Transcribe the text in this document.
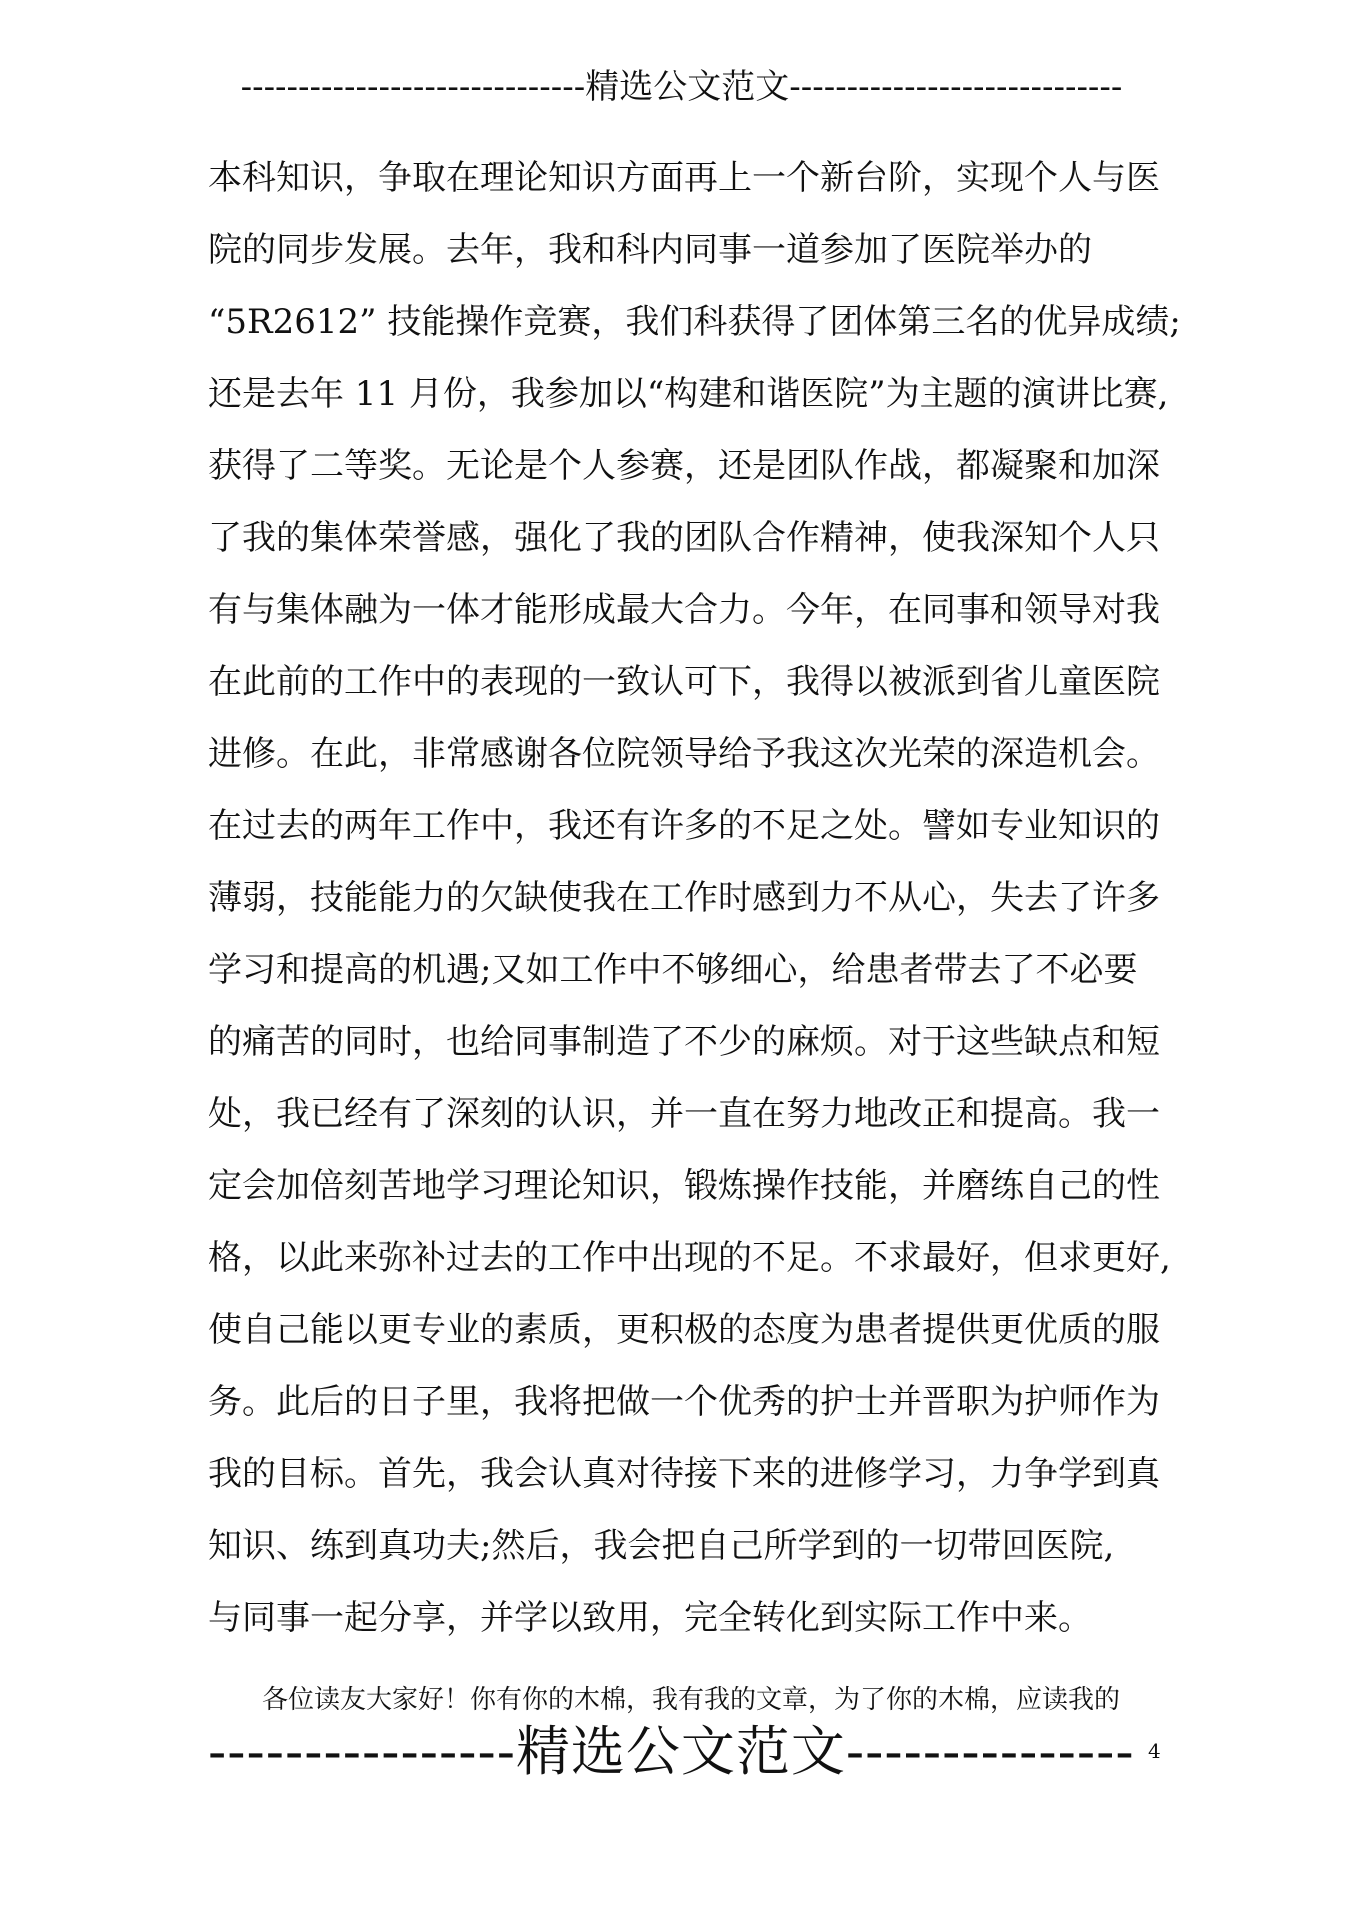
------------------------------精选公文范文-----------------------------
本科知识，争取在理论知识方面再上一个新台阶，实现个人与医
院的同步发展。去年，我和科内同事一道参加了医院举办的
“5R2612” 技能操作竞赛，我们科获得了团体第三名的优异成绩;
还是去年 11 月份，我参加以“构建和谐医院”为主题的演讲比赛,
获得了二等奖。无论是个人参赛，还是团队作战，都凝聚和加深
了我的集体荣誉感，强化了我的团队合作精神，使我深知个人只
有与集体融为一体才能形成最大合力。今年，在同事和领导对我
在此前的工作中的表现的一致认可下，我得以被派到省儿童医院
进修。在此，非常感谢各位院领导给予我这次光荣的深造机会。
在过去的两年工作中，我还有许多的不足之处。譬如专业知识的
薄弱，技能能力的欠缺使我在工作时感到力不从心，失去了许多
学习和提高的机遇;又如工作中不够细心，给患者带去了不必要
的痛苦的同时，也给同事制造了不少的麻烦。对于这些缺点和短
处，我已经有了深刻的认识，并一直在努力地改正和提高。我一
定会加倍刻苦地学习理论知识，锻炼操作技能，并磨练自己的性
格，以此来弥补过去的工作中出现的不足。不求最好，但求更好,
使自己能以更专业的素质，更积极的态度为患者提供更优质的服
务。此后的日子里，我将把做一个优秀的护士并晋职为护师作为
我的目标。首先，我会认真对待接下来的进修学习，力争学到真
知识、练到真功夫;然后，我会把自己所学到的一切带回医院,
与同事一起分享，并学以致用，完全转化到实际工作中来。
各位读友大家好！你有你的木棉，我有我的文章，为了你的木棉，应读我的
----------------精选公文范文--------------- 4
